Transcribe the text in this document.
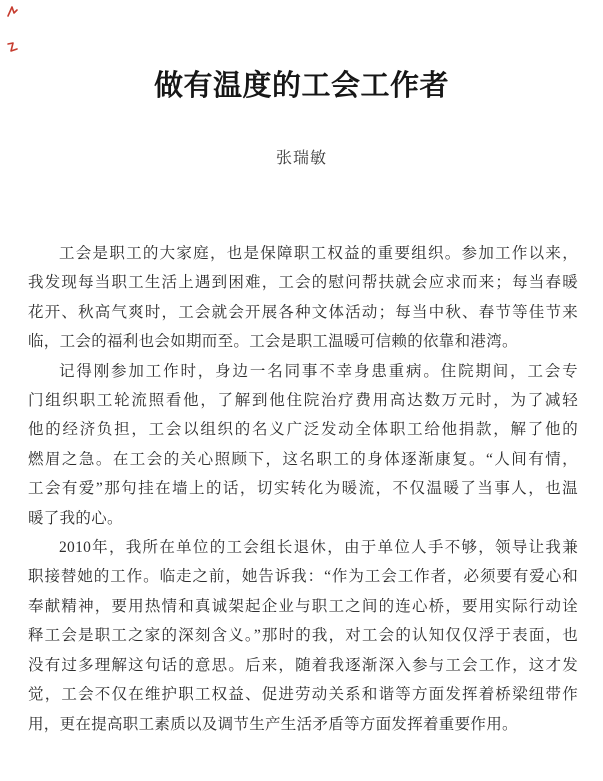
做有温度的工会工作者
张瑞敏
工会是职工的大家庭，也是保障职工权益的重要组织。参加工作以来，
我发现每当职工生活上遇到困难，工会的慰问帮扶就会应求而来；每当春暖
花开、秋高气爽时，工会就会开展各种文体活动；每当中秋、春节等佳节来
临，工会的福利也会如期而至。工会是职工温暖可信赖的依靠和港湾。
记得刚参加工作时，身边一名同事不幸身患重病。住院期间，工会专
门组织职工轮流照看他，了解到他住院治疗费用高达数万元时，为了减轻
他的经济负担，工会以组织的名义广泛发动全体职工给他捐款，解了他的
燃眉之急。在工会的关心照顾下，这名职工的身体逐渐康复。“人间有情，
工会有爱”那句挂在墙上的话，切实转化为暖流，不仅温暖了当事人，也温
暖了我的心。
2010年，我所在单位的工会组长退休，由于单位人手不够，领导让我兼
职接替她的工作。临走之前，她告诉我：“作为工会工作者，必须要有爱心和
奉献精神，要用热情和真诚架起企业与职工之间的连心桥，要用实际行动诠
释工会是职工之家的深刻含义。”那时的我，对工会的认知仅仅浮于表面，也
没有过多理解这句话的意思。后来，随着我逐渐深入参与工会工作，这才发
觉，工会不仅在维护职工权益、促进劳动关系和谐等方面发挥着桥梁纽带作
用，更在提高职工素质以及调节生产生活矛盾等方面发挥着重要作用。
